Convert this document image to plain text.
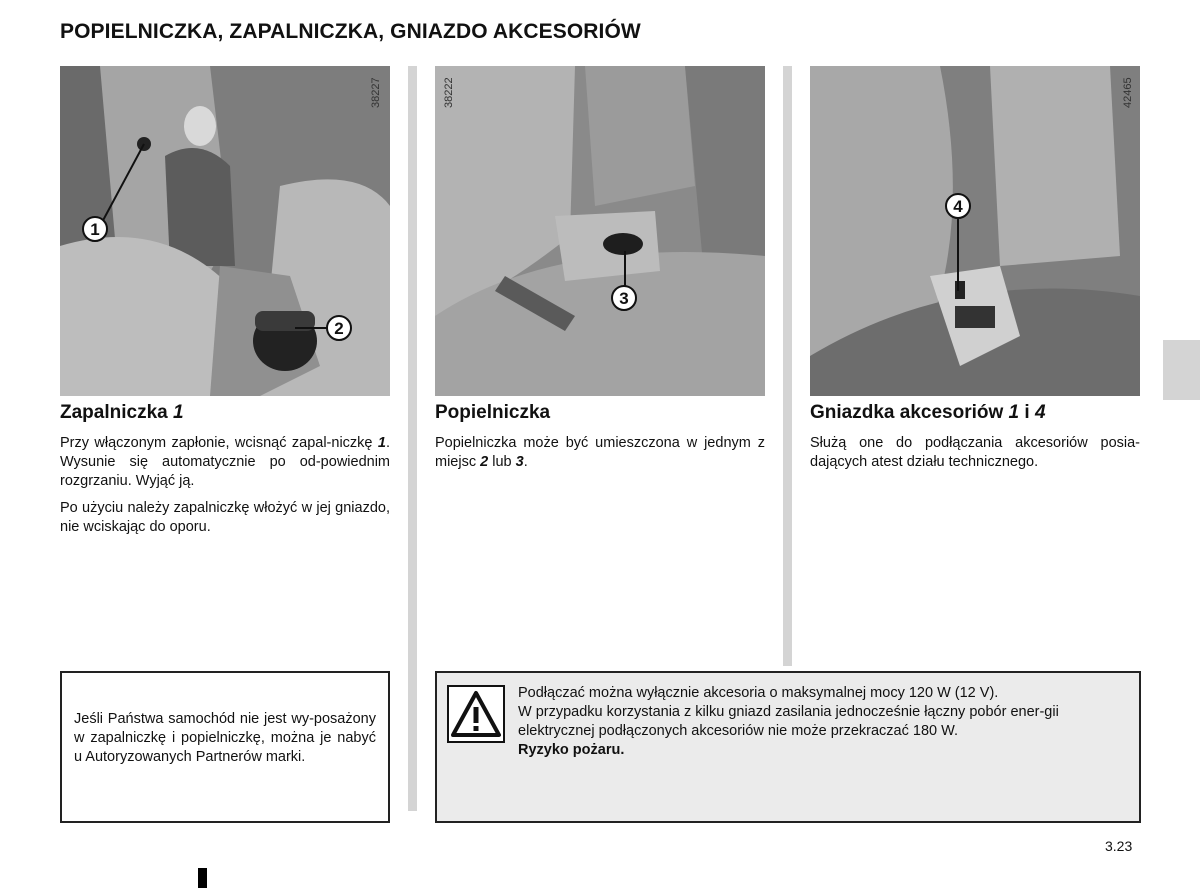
POPIELNICZKA, ZAPALNICZKA, GNIAZDO AKCESORIÓW
38227
1
2
38222
3
42465
4
Zapalniczka 1	Popielniczka	Gniazdka akcesoriów 1 i 4

Przy włączonym zapłonie, wcisnąć zapal-niczkę 1. Wysunie się automatycznie po od-powiednim rozgrzaniu. Wyjąć ją.

Po użyciu należy zapalniczkę włożyć w jej gniazdo, nie wciskając do oporu.

Popielniczka może być umieszczona w jednym z miejsc 2 lub 3.

Służą one do podłączania akcesoriów posia-dających atest działu technicznego.

Jeśli Państwa samochód nie jest wy-posażony w zapalniczkę i popielniczkę, można je nabyć u Autoryzowanych Partnerów marki.

Podłączać można wyłącznie akcesoria o maksymalnej mocy 120 W (12 V).
W przypadku korzystania z kilku gniazd zasilania jednocześnie łączny pobór ener-gii elektrycznej podłączonych akcesoriów nie może przekraczać 180 W.
Ryzyko pożaru.
3.23
